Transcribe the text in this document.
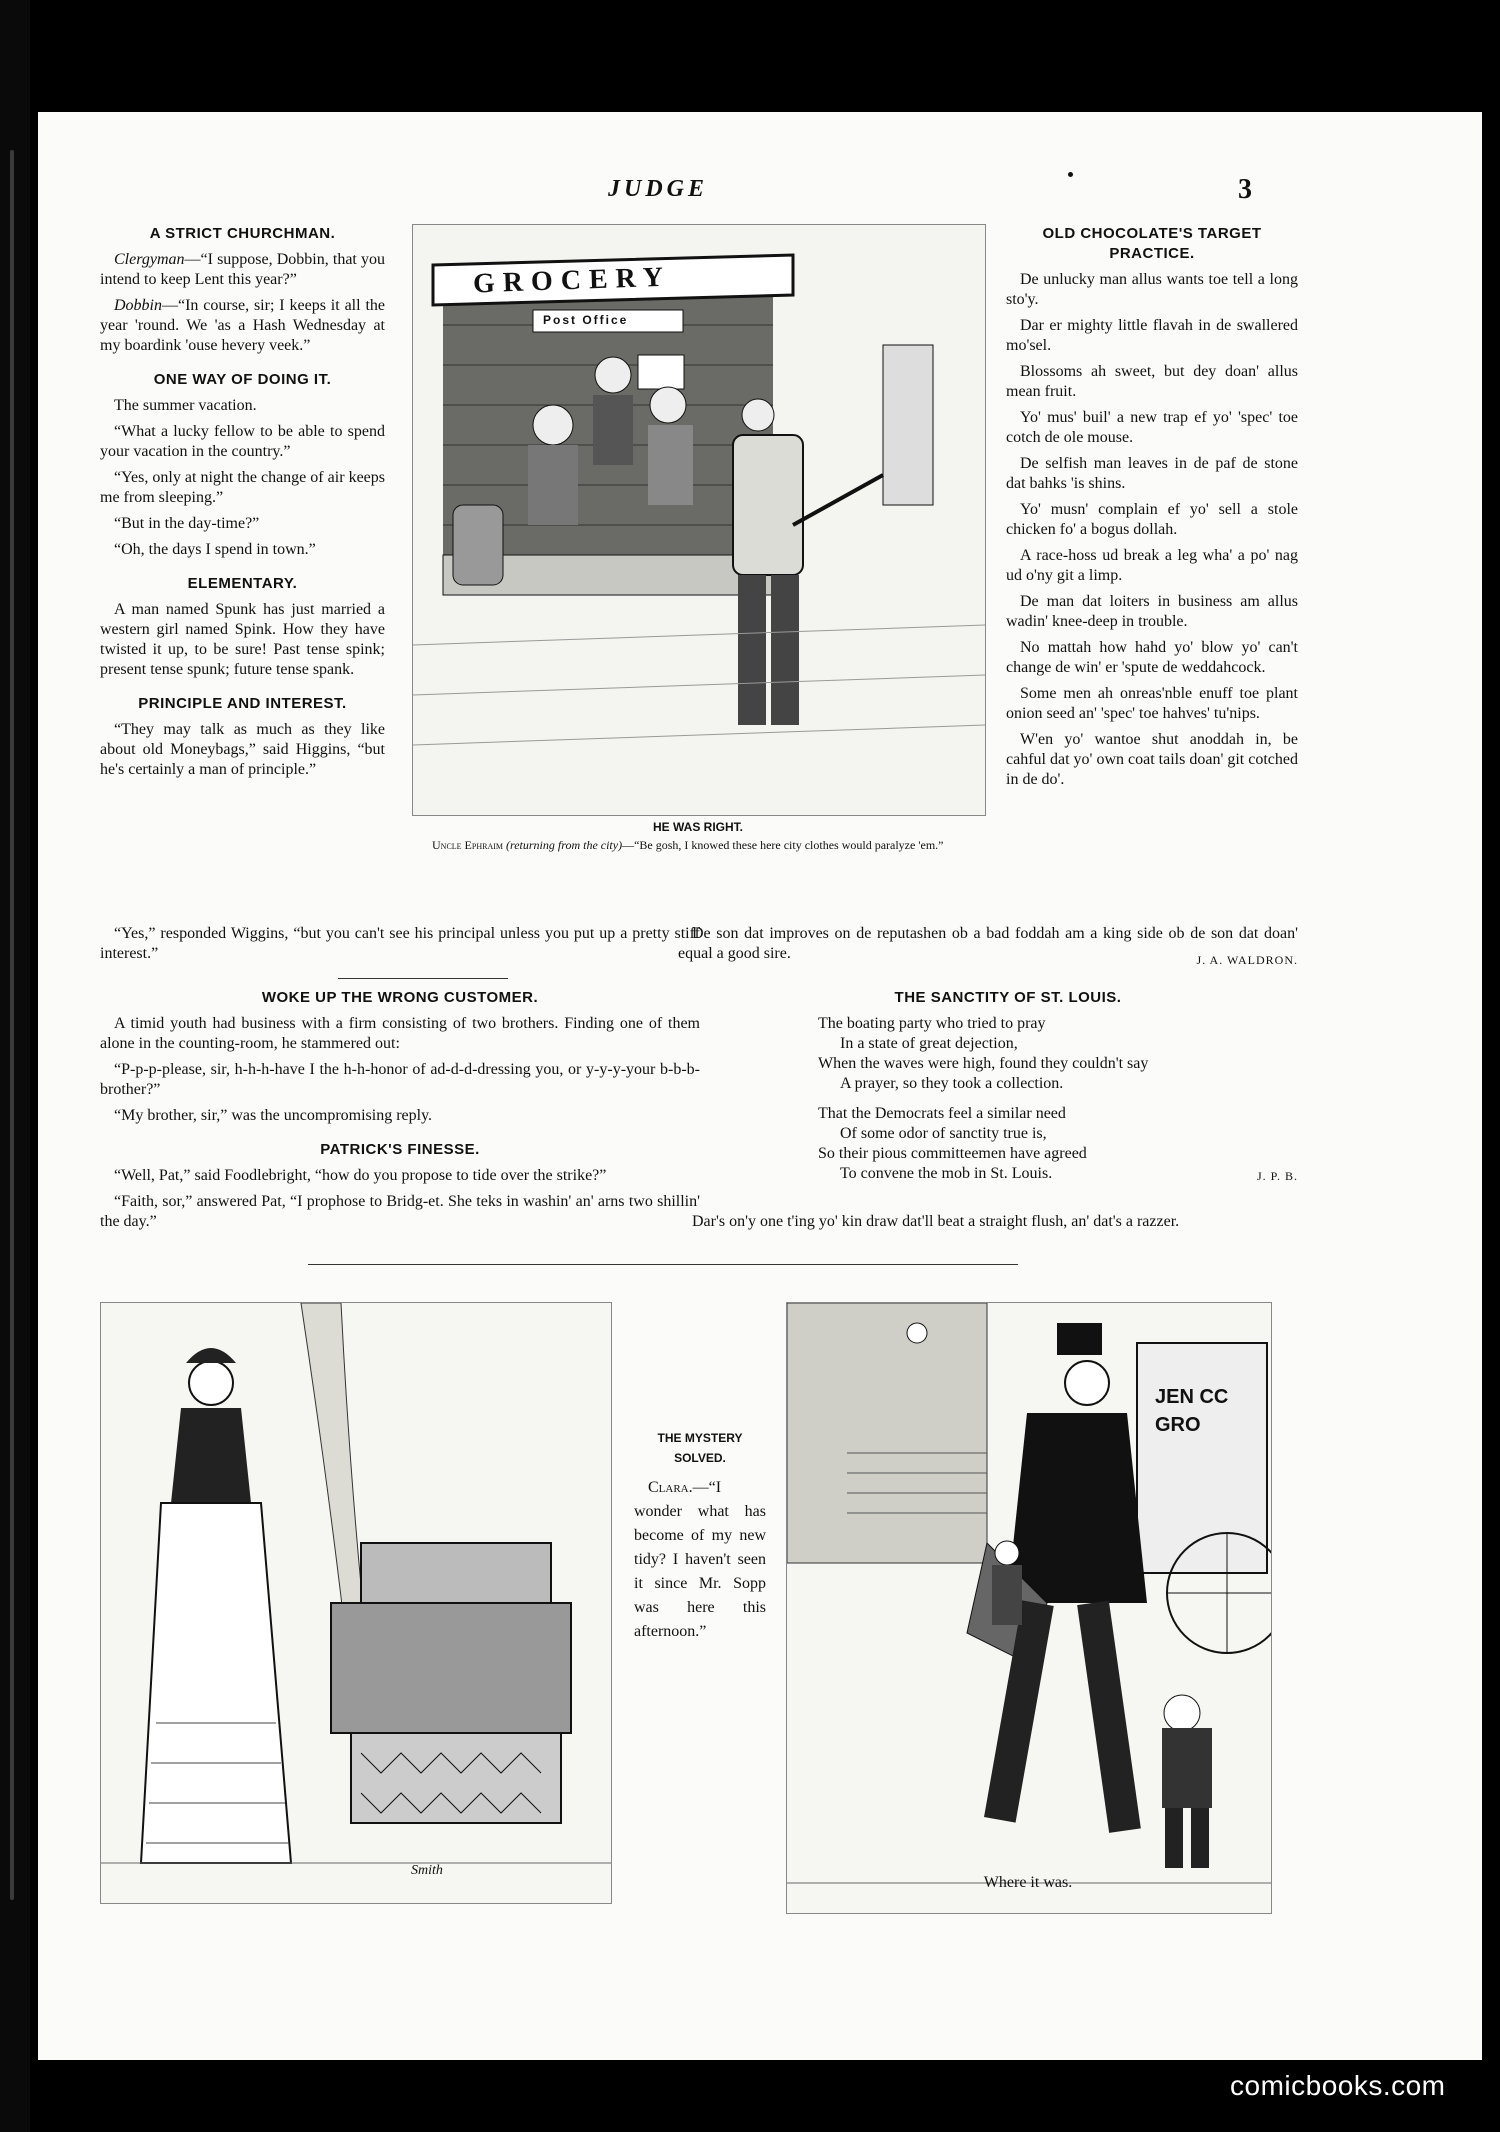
JUDGE	3
A STRICT CHURCHMAN.

Clergyman—“I suppose, Dobbin, that you intend to keep Lent this year?”

Dobbin—“In course, sir; I keeps it all the year 'round. We 'as a Hash Wednesday at my boardink 'ouse hevery veek.”

ONE WAY OF DOING IT.

The summer vacation.

“What a lucky fellow to be able to spend your vacation in the country.”

“Yes, only at night the change of air keeps me from sleeping.”

“But in the day-time?”

“Oh, the days I spend in town.”

ELEMENTARY.

A man named Spunk has just married a western girl named Spink. How they have twisted it up, to be sure! Past tense spink; present tense spunk; future tense spank.

PRINCIPLE AND INTEREST.

“They may talk as much as they like about old Moneybags,” said Higgins, “but he's certainly a man of principle.”

“Yes,” responded Wiggins, “but you can't see his principal unless you put up a pretty stiff interest.”

GROCERY
Post Office
HE WAS RIGHT.
Uncle Ephraim (returning from the city)—“Be gosh, I knowed these here city clothes would paralyze 'em.”
OLD CHOCOLATE'S TARGET PRACTICE.

De unlucky man allus wants toe tell a long sto'y.

Dar er mighty little flavah in de swallered mo'sel.

Blossoms ah sweet, but dey doan' allus mean fruit.

Yo' mus' buil' a new trap ef yo' 'spec' toe cotch de ole mouse.

De selfish man leaves in de paf de stone dat bahks 'is shins.

Yo' musn' complain ef yo' sell a stole chicken fo' a bogus dollah.

A race-hoss ud break a leg wha' a po' nag ud o'ny git a limp.

De man dat loiters in business am allus wadin' knee-deep in trouble.

No mattah how hahd yo' blow yo' can't change de win' er 'spute de weddahcock.

Some men ah onreas'nble enuff toe plant onion seed an' 'spec' toe hahves' tu'nips.

W'en yo' wantoe shut anoddah in, be cahful dat yo' own coat tails doan' git cotched in de do'.

De son dat improves on de reputashen ob a bad foddah am a king side ob de son dat doan' equal a good sire.	J. A. WALDRON.
WOKE UP THE WRONG CUSTOMER.

A timid youth had business with a firm consisting of two brothers. Finding one of them alone in the counting-room, he stammered out:

“P-p-p-please, sir, h-h-h-have I the h-h-honor of ad-d-d-dressing you, or y-y-y-your b-b-b-brother?”

“My brother, sir,” was the uncompromising reply.

PATRICK'S FINESSE.

“Well, Pat,” said Foodlebright, “how do you propose to tide over the strike?”

“Faith, sor,” answered Pat, “I prophose to Bridg-et. She teks in washin' an' arns two shillin' the day.”

THE SANCTITY OF ST. LOUIS.

The boating party who tried to pray

In a state of great dejection,

When the waves were high, found they couldn't say

A prayer, so they took a collection.

That the Democrats feel a similar need

Of some odor of sanctity true is,

So their pious committeemen have agreed

To convene the mob in St. Louis.	J. P. B.

Dar's on'y one t'ing yo' kin draw dat'll beat a straight flush, an' dat's a razzer.

Smith
THE MYSTERY
SOLVED.

Clara.—“I wonder what has become of my new tidy? I haven't seen it since Mr. Sopp was here this afternoon.”

JEN CC GRO
Where it was.
comicbooks.com
